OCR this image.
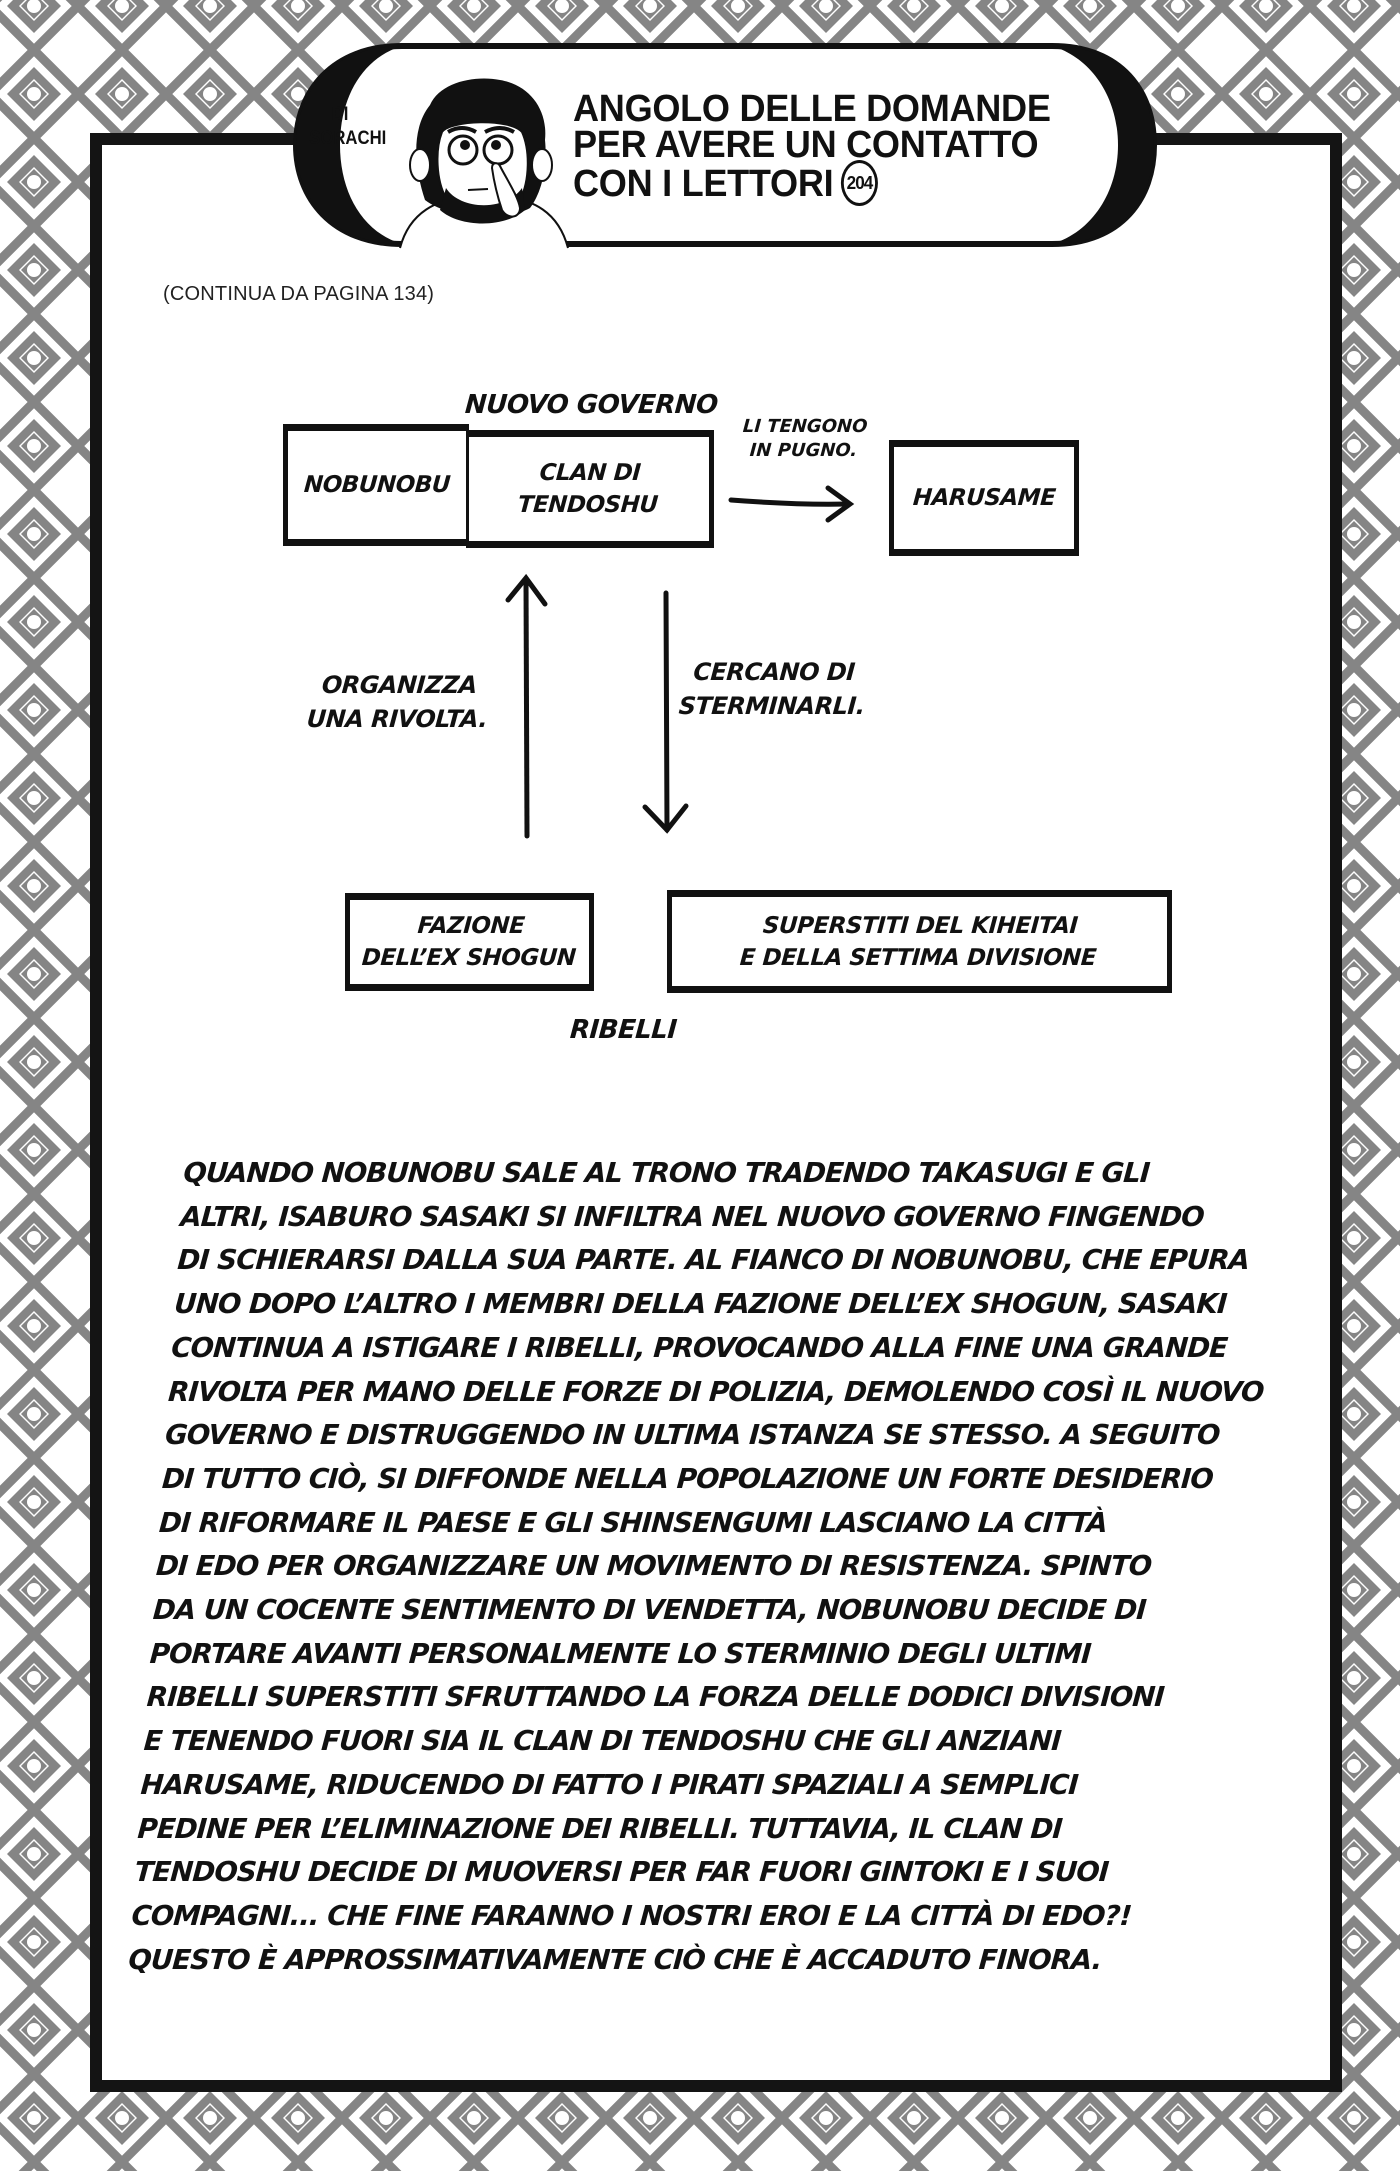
DI
SORACHI
ANGOLO DELLE DOMANDE
PER AVERE UN CONTATTO
CON I LETTORI 204
(CONTINUA DA PAGINA 134)
NUOVO GOVERNO
NOBUNOBU	CLAN DI
TENDOSHU
LI TENGONO
IN PUGNO.
HARUSAME
ORGANIZZA
UNA RIVOLTA.
CERCANO DI
STERMINARLI.
FAZIONE
DELL’EX SHOGUN
SUPERSTITI DEL KIHEITAI
E DELLA SETTIMA DIVISIONE
RIBELLI
QUANDO NOBUNOBU SALE AL TRONO TRADENDO TAKASUGI E GLI
ALTRI, ISABURO SASAKI SI INFILTRA NEL NUOVO GOVERNO FINGENDO
DI SCHIERARSI DALLA SUA PARTE. AL FIANCO DI NOBUNOBU, CHE EPURA
UNO DOPO L’ALTRO I MEMBRI DELLA FAZIONE DELL’EX SHOGUN, SASAKI
CONTINUA A ISTIGARE I RIBELLI, PROVOCANDO ALLA FINE UNA GRANDE
RIVOLTA PER MANO DELLE FORZE DI POLIZIA, DEMOLENDO COSÌ IL NUOVO
GOVERNO E DISTRUGGENDO IN ULTIMA ISTANZA SE STESSO. A SEGUITO
DI TUTTO CIÒ, SI DIFFONDE NELLA POPOLAZIONE UN FORTE DESIDERIO
DI RIFORMARE IL PAESE E GLI SHINSENGUMI LASCIANO LA CITTÀ
DI EDO PER ORGANIZZARE UN MOVIMENTO DI RESISTENZA. SPINTO
DA UN COCENTE SENTIMENTO DI VENDETTA, NOBUNOBU DECIDE DI
PORTARE AVANTI PERSONALMENTE LO STERMINIO DEGLI ULTIMI
RIBELLI SUPERSTITI SFRUTTANDO LA FORZA DELLE DODICI DIVISIONI
E TENENDO FUORI SIA IL CLAN DI TENDOSHU CHE GLI ANZIANI
HARUSAME, RIDUCENDO DI FATTO I PIRATI SPAZIALI A SEMPLICI
PEDINE PER L’ELIMINAZIONE DEI RIBELLI. TUTTAVIA, IL CLAN DI
TENDOSHU DECIDE DI MUOVERSI PER FAR FUORI GINTOKI E I SUOI
COMPAGNI... CHE FINE FARANNO I NOSTRI EROI E LA CITTÀ DI EDO?!
QUESTO È APPROSSIMATIVAMENTE CIÒ CHE È ACCADUTO FINORA.
